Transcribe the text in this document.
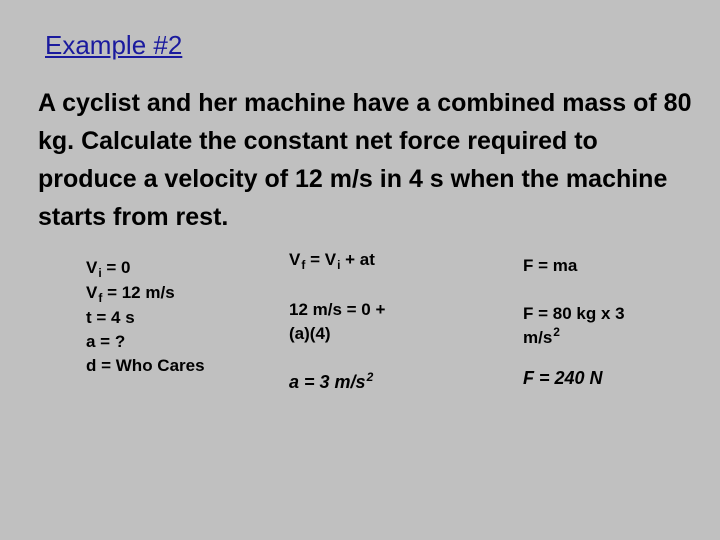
Example #2

A cyclist and her machine have a combined mass of 80 kg. Calculate the constant net force required to produce a velocity of 12 m/s in 4 s when the machine starts from rest.

$V_i = 0$
$V_f = 12$ m/s
t = 4 s
a = ?
d = Who Cares
$V_f = V_i$ + at
12 m/s = 0 +
(a)(4)
a = 3 $m/s^2$
F = ma
F = 80 kg x 3
$m/s^2$
F = 240 N
